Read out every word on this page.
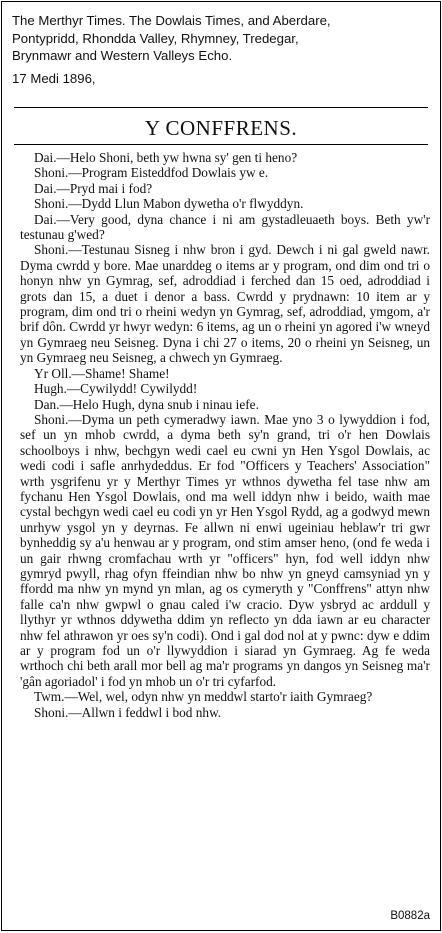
The Merthyr Times. The Dowlais Times, and Aberdare,
Pontypridd, Rhondda Valley, Rhymney, Tredegar,
Brynmawr and Western Valleys Echo.
17 Medi 1896,
Y CONFFRENS.

Dai.—Helo Shoni, beth yw hwna sy' gen ti heno?

Shoni.—Program Eisteddfod Dowlais yw e.

Dai.—Pryd mai i fod?

Shoni.—Dydd Llun Mabon dywetha o'r flwyddyn.

Dai.—Very good, dyna chance i ni am gystadleuaeth boys. Beth yw'r testunau g'wed?

Shoni.—Testunau Sisneg i nhw bron i gyd. Dewch i ni gal gweld nawr. Dyma cwrdd y bore. Mae unarddeg o items ar y program, ond dim ond tri o honyn nhw yn Gymrag, sef, adroddiad i ferched dan 15 oed, adroddiad i grots dan 15, a duet i denor a bass. Cwrdd y prydnawn: 10 item ar y program, dim ond tri o rheini wedyn yn Gymrag, sef, adroddiad, ymgom, a'r brif dôn. Cwrdd yr hwyr wedyn: 6 items, ag un o rheini yn agored i'w wneyd yn Gymraeg neu Seisneg. Dyna i chi 27 o items, 20 o rheini yn Seisneg, un yn Gymraeg neu Seisneg, a chwech yn Gymraeg.

Yr Oll.—Shame! Shame!

Hugh.—Cywilydd! Cywilydd!

Dan.—Helo Hugh, dyna snub i ninau iefe.

Shoni.—Dyma un peth cymeradwy iawn. Mae yno 3 o lywyddion i fod, sef un yn mhob cwrdd, a dyma beth sy'n grand, tri o'r hen Dowlais schoolboys i nhw, bechgyn wedi cael eu cwni yn Hen Ysgol Dowlais, ac wedi codi i safle anrhydeddus. Er fod "Officers y Teachers' Association" wrth ysgrifenu yr y Merthyr Times yr wthnos dywetha fel tase nhw am fychanu Hen Ysgol Dowlais, ond ma well iddyn nhw i beido, waith mae cystal bechgyn wedi cael eu codi yn yr Hen Ysgol Rydd, ag a godwyd mewn unrhyw ysgol yn y deyrnas. Fe allwn ni enwi ugeiniau heblaw'r tri gwr bynheddig sy a'u henwau ar y program, ond stim amser heno, (ond fe weda i un gair rhwng cromfachau wrth yr "officers" hyn, fod well iddyn nhw gymryd pwyll, rhag ofyn ffeindian nhw bo nhw yn gneyd camsyniad yn y ffordd ma nhw yn mynd yn mlan, ag os cymeryth y "Conffrens" attyn nhw falle ca'n nhw gwpwl o gnau caled i'w cracio. Dyw ysbryd ac arddull y llythyr yr wthnos ddywetha ddim yn reflecto yn dda iawn ar eu character nhw fel athrawon yr oes sy'n codi). Ond i gal dod nol at y pwnc: dyw e ddim ar y program fod un o'r llywyddion i siarad yn Gymraeg. Ag fe weda wrthoch chi beth arall mor bell ag ma'r programs yn dangos yn Seisneg ma'r 'gân agoriadol' i fod yn mhob un o'r tri cyfarfod.

Twm.—Wel, wel, odyn nhw yn meddwl starto'r iaith Gymraeg?

Shoni.—Allwn i feddwl i bod nhw.

B0882a
